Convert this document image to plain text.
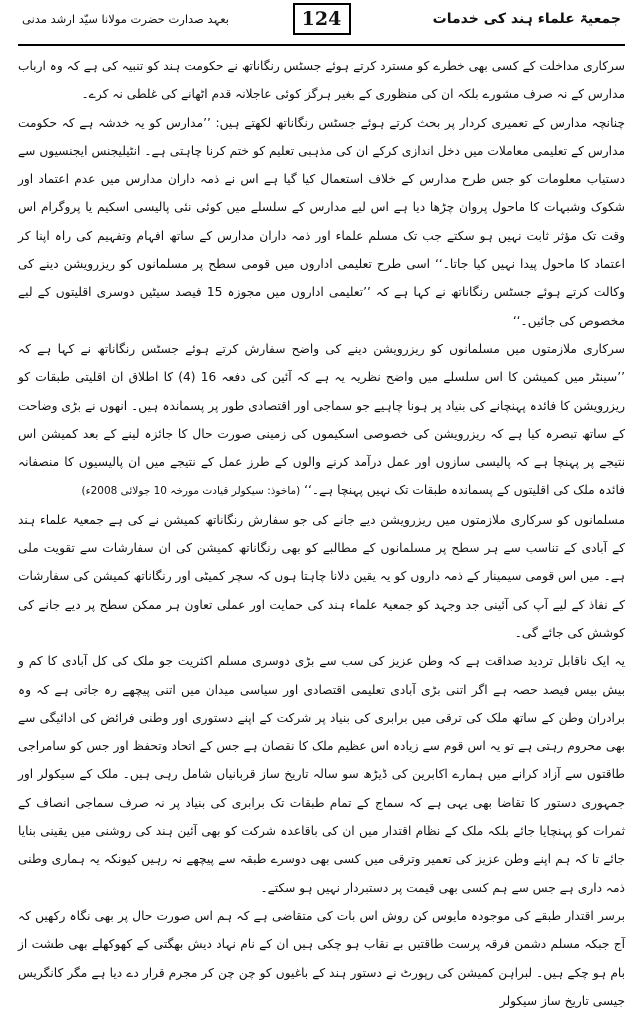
جمعیۃ علماء ہند کی خدمات
124
بعہد صدارت حضرت مولانا سیّد ارشد مدنی

سرکاری مداخلت کے کسی بھی خطرے کو مسترد کرتے ہوئے جسٹس رنگاناتھ نے حکومت ہند کو تنبیہ کی ہے کہ وہ ارباب مدارس کے نہ صرف مشورے بلکہ ان کی منظوری کے بغیر ہرگز کوئی عاجلانہ قدم اٹھانے کی غلطی نہ کرے۔

چنانچہ مدارس کے تعمیری کردار پر بحث کرتے ہوئے جسٹس رنگاناتھ لکھتے ہیں: ’’مدارس کو یہ خدشہ ہے کہ حکومت مدارس کے تعلیمی معاملات میں دخل اندازی کرکے ان کی مذہبی تعلیم کو ختم کرنا چاہتی ہے۔ انٹیلیجنس ایجنسیوں سے دستیاب معلومات کو جس طرح مدارس کے خلاف استعمال کیا گیا ہے اس نے ذمہ داران مدارس میں عدم اعتماد اور شکوک وشبہات کا ماحول پروان چڑھا دیا ہے اس لیے مدارس کے سلسلے میں کوئی نئی پالیسی اسکیم یا پروگرام اس وقت تک مؤثر ثابت نہیں ہو سکتے جب تک مسلم علماء اور ذمہ داران مدارس کے ساتھ افہام وتفہیم کی راہ اپنا کر اعتماد کا ماحول پیدا نہیں کیا جاتا۔‘‘ اسی طرح تعلیمی اداروں میں قومی سطح پر مسلمانوں کو ریزرویشن دینے کی وکالت کرتے ہوئے جسٹس رنگاناتھ نے کہا ہے کہ ’’تعلیمی اداروں میں مجوزہ 15 فیصد سیٹیں دوسری اقلیتوں کے لیے مخصوص کی جائیں۔‘‘

سرکاری ملازمتوں میں مسلمانوں کو ریزرویشن دینے کی واضح سفارش کرتے ہوئے جسٹس رنگاناتھ نے کہا ہے کہ ’’سینٹر میں کمیشن کا اس سلسلے میں واضح نظریہ یہ ہے کہ آئین کی دفعہ 16 (4) کا اطلاق ان اقلیتی طبقات کو ریزرویشن کا فائدہ پہنچانے کی بنیاد پر ہونا چاہیے جو سماجی اور اقتصادی طور پر پسماندہ ہیں۔ انھوں نے بڑی وضاحت کے ساتھ تبصرہ کیا ہے کہ ریزرویشن کی خصوصی اسکیموں کی زمینی صورت حال کا جائزہ لینے کے بعد کمیشن اس نتیجے پر پہنچا ہے کہ پالیسی سازوں اور عمل درآمد کرنے والوں کے طرز عمل کے نتیجے میں ان پالیسیوں کا منصفانہ فائدہ ملک کی اقلیتوں کے پسماندہ طبقات تک نہیں پہنچا ہے۔‘‘ (ماخوذ: سیکولر قیادت مورخہ 10 جولائی 2008ء)

مسلمانوں کو سرکاری ملازمتوں میں ریزرویشن دیے جانے کی جو سفارش رنگاناتھ کمیشن نے کی ہے جمعیۃ علماء ہند کے آبادی کے تناسب سے ہر سطح پر مسلمانوں کے مطالبے کو بھی رنگاناتھ کمیشن کی ان سفارشات سے تقویت ملی ہے۔ میں اس قومی سیمینار کے ذمہ داروں کو یہ یقین دلانا چاہتا ہوں کہ سچر کمیٹی اور رنگاناتھ کمیشن کی سفارشات کے نفاذ کے لیے آپ کی آئینی جد وجہد کو جمعیۃ علماء ہند کی حمایت اور عملی تعاون ہر ممکن سطح پر دیے جانے کی کوشش کی جائے گی۔

یہ ایک ناقابل تردید صداقت ہے کہ وطن عزیز کی سب سے بڑی دوسری مسلم اکثریت جو ملک کی کل آبادی کا کم و بیش بیس فیصد حصہ ہے اگر اتنی بڑی آبادی تعلیمی اقتصادی اور سیاسی میدان میں اتنی پیچھے رہ جاتی ہے کہ وہ برادران وطن کے ساتھ ملک کی ترقی میں برابری کی بنیاد پر شرکت کے اپنے دستوری اور وطنی فرائض کی ادائیگی سے بھی محروم رہتی ہے تو یہ اس قوم سے زیادہ اس عظیم ملک کا نقصان ہے جس کے اتحاد وتحفظ اور جس کو سامراجی طاقتوں سے آزاد کرانے میں ہمارے اکابرین کی ڈیڑھ سو سالہ تاریخ ساز قربانیاں شامل رہی ہیں۔ ملک کے سیکولر اور جمہوری دستور کا تقاضا بھی یہی ہے کہ سماج کے تمام طبقات تک برابری کی بنیاد پر نہ صرف سماجی انصاف کے ثمرات کو پہنچایا جائے بلکہ ملک کے نظام اقتدار میں ان کی باقاعدہ شرکت کو بھی آئین ہند کی روشنی میں یقینی بنایا جائے تا کہ ہم اپنے وطن عزیز کی تعمیر وترقی میں کسی بھی دوسرے طبقہ سے پیچھے نہ رہیں کیونکہ یہ ہماری وطنی ذمہ داری ہے جس سے ہم کسی بھی قیمت پر دستبردار نہیں ہو سکتے۔

برسر اقتدار طبقے کی موجودہ مایوس کن روش اس بات کی متقاضی ہے کہ ہم اس صورت حال پر بھی نگاہ رکھیں کہ آج جبکہ مسلم دشمن فرقہ پرست طاقتیں بے نقاب ہو چکی ہیں ان کے نام نہاد دیش بھگتی کے کھوکھلے بھی طشت از بام ہو چکے ہیں۔ لبراہن کمیشن کی رپورٹ نے دستور ہند کے باغیوں کو چن چن کر مجرم قرار دے دیا ہے مگر کانگریس جیسی تاریخ ساز سیکولر
